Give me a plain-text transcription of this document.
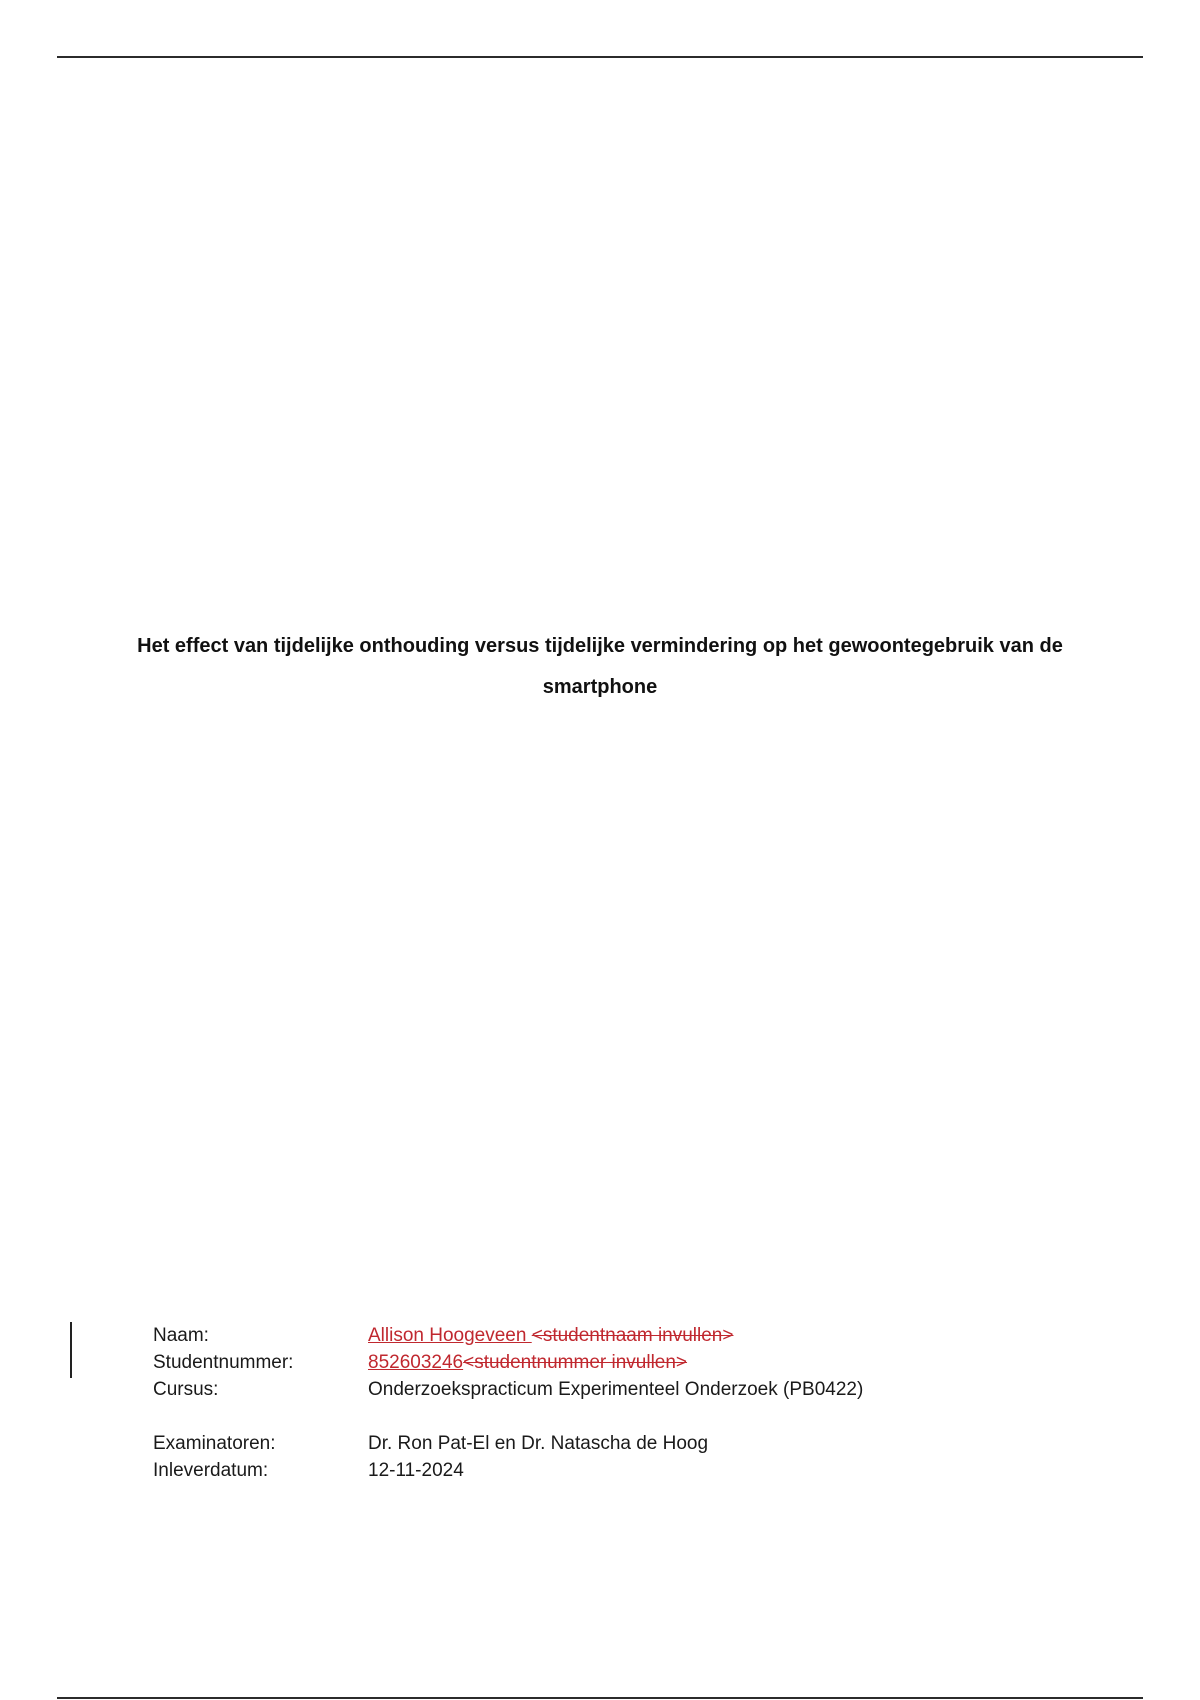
Het effect van tijdelijke onthouding versus tijdelijke vermindering op het gewoontegebruik van de
smartphone
Naam:	Allison Hoogeveen <studentnaam invullen>
Studentnummer:	852603246<studentnummer invullen>
Cursus:	Onderzoekspracticum Experimenteel Onderzoek (PB0422)
Examinatoren:	Dr. Ron Pat-El en Dr. Natascha de Hoog
Inleverdatum:	12-11-2024
